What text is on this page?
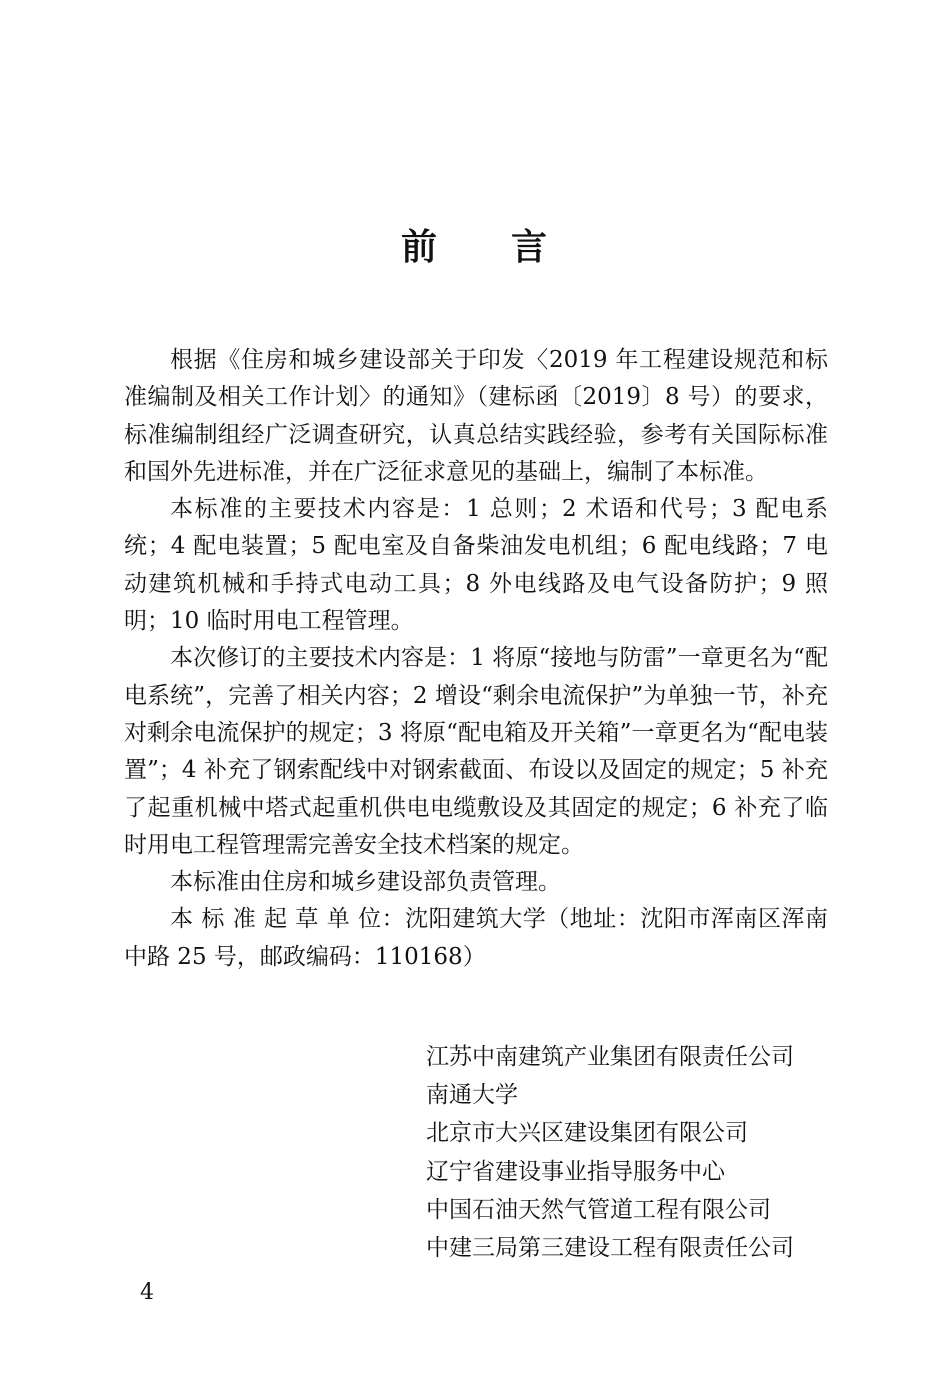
前 言

根据《住房和城乡建设部关于印发〈2019 年工程建设规范和标准编制及相关工作计划〉的通知》（建标函〔2019〕8 号）的要求，标准编制组经广泛调查研究，认真总结实践经验，参考有关国际标准和国外先进标准，并在广泛征求意见的基础上，编制了本标准。

本标准的主要技术内容是：1 总则；2 术语和代号；3 配电系统；4 配电装置；5 配电室及自备柴油发电机组；6 配电线路；7 电动建筑机械和手持式电动工具；8 外电线路及电气设备防护；9 照明；10 临时用电工程管理。

本次修订的主要技术内容是：1 将原“接地与防雷”一章更名为“配电系统”，完善了相关内容；2 增设“剩余电流保护”为单独一节，补充对剩余电流保护的规定；3 将原“配电箱及开关箱”一章更名为“配电装置”；4 补充了钢索配线中对钢索截面、布设以及固定的规定；5 补充了起重机械中塔式起重机供电电缆敷设及其固定的规定；6 补充了临时用电工程管理需完善安全技术档案的规定。

本标准由住房和城乡建设部负责管理。

本 标 准 起 草 单 位：沈阳建筑大学（地址：沈阳市浑南区浑南中路 25 号，邮政编码：110168）

江苏中南建筑产业集团有限责任公司
南通大学
北京市大兴区建设集团有限公司
辽宁省建设事业指导服务中心
中国石油天然气管道工程有限公司
中建三局第三建设工程有限责任公司
4
